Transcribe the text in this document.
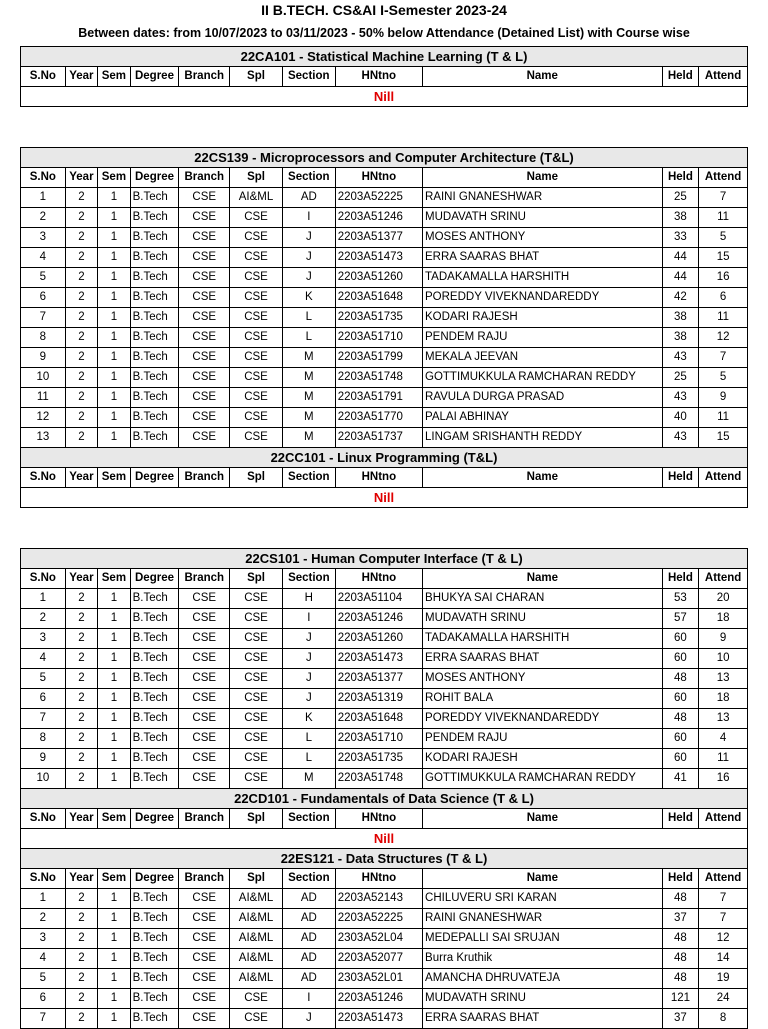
II B.TECH. CS&AI I-Semester 2023-24
Between dates: from 10/07/2023 to 03/11/2023 - 50% below Attendance (Detained List) with Course wise
22CA101 - Statistical Machine Learning (T & L)
S.No	Year	Sem	Degree	Branch	Spl	Section	HNtno	Name	Held	Attend
Nill
22CS139 - Microprocessors and Computer Architecture (T&L)										
S.No	Year	Sem	Degree	Branch	Spl	Section	HNtno	Name	Held	Attend
1	2	1	B.Tech	CSE	AI&ML	AD	2203A52225	RAINI GNANESHWAR	25	7
2	2	1	B.Tech	CSE	CSE	I	2203A51246	MUDAVATH SRINU	38	11
3	2	1	B.Tech	CSE	CSE	J	2203A51377	MOSES ANTHONY	33	5
4	2	1	B.Tech	CSE	CSE	J	2203A51473	ERRA SAARAS BHAT	44	15
5	2	1	B.Tech	CSE	CSE	J	2203A51260	TADAKAMALLA HARSHITH	44	16
6	2	1	B.Tech	CSE	CSE	K	2203A51648	POREDDY VIVEKNANDAREDDY	42	6
7	2	1	B.Tech	CSE	CSE	L	2203A51735	KODARI RAJESH	38	11
8	2	1	B.Tech	CSE	CSE	L	2203A51710	PENDEM RAJU	38	12
9	2	1	B.Tech	CSE	CSE	M	2203A51799	MEKALA JEEVAN	43	7
10	2	1	B.Tech	CSE	CSE	M	2203A51748	GOTTIMUKKULA RAMCHARAN REDDY	25	5
11	2	1	B.Tech	CSE	CSE	M	2203A51791	RAVULA DURGA PRASAD	43	9
12	2	1	B.Tech	CSE	CSE	M	2203A51770	PALAI ABHINAY	40	11
13	2	1	B.Tech	CSE	CSE	M	2203A51737	LINGAM SRISHANTH REDDY	43	15
22CC101 - Linux Programming (T&L)										
S.No	Year	Sem	Degree	Branch	Spl	Section	HNtno	Name	Held	Attend
Nill										
22CS101 - Human Computer Interface (T & L)										
S.No	Year	Sem	Degree	Branch	Spl	Section	HNtno	Name	Held	Attend
1	2	1	B.Tech	CSE	CSE	H	2203A51104	BHUKYA SAI CHARAN	53	20
2	2	1	B.Tech	CSE	CSE	I	2203A51246	MUDAVATH SRINU	57	18
3	2	1	B.Tech	CSE	CSE	J	2203A51260	TADAKAMALLA HARSHITH	60	9
4	2	1	B.Tech	CSE	CSE	J	2203A51473	ERRA SAARAS BHAT	60	10
5	2	1	B.Tech	CSE	CSE	J	2203A51377	MOSES ANTHONY	48	13
6	2	1	B.Tech	CSE	CSE	J	2203A51319	ROHIT BALA	60	18
7	2	1	B.Tech	CSE	CSE	K	2203A51648	POREDDY VIVEKNANDAREDDY	48	13
8	2	1	B.Tech	CSE	CSE	L	2203A51710	PENDEM RAJU	60	4
9	2	1	B.Tech	CSE	CSE	L	2203A51735	KODARI RAJESH	60	11
10	2	1	B.Tech	CSE	CSE	M	2203A51748	GOTTIMUKKULA RAMCHARAN REDDY	41	16
22CD101 - Fundamentals of Data Science (T & L)										
S.No	Year	Sem	Degree	Branch	Spl	Section	HNtno	Name	Held	Attend
Nill										
22ES121 - Data Structures (T & L)										
S.No	Year	Sem	Degree	Branch	Spl	Section	HNtno	Name	Held	Attend
1	2	1	B.Tech	CSE	AI&ML	AD	2203A52143	CHILUVERU SRI KARAN	48	7
2	2	1	B.Tech	CSE	AI&ML	AD	2203A52225	RAINI GNANESHWAR	37	7
3	2	1	B.Tech	CSE	AI&ML	AD	2303A52L04	MEDEPALLI SAI SRUJAN	48	12
4	2	1	B.Tech	CSE	AI&ML	AD	2203A52077	Burra Kruthik	48	14
5	2	1	B.Tech	CSE	AI&ML	AD	2303A52L01	AMANCHA DHRUVATEJA	48	19
6	2	1	B.Tech	CSE	CSE	I	2203A51246	MUDAVATH SRINU	121	24
7	2	1	B.Tech	CSE	CSE	J	2203A51473	ERRA SAARAS BHAT	37	8
